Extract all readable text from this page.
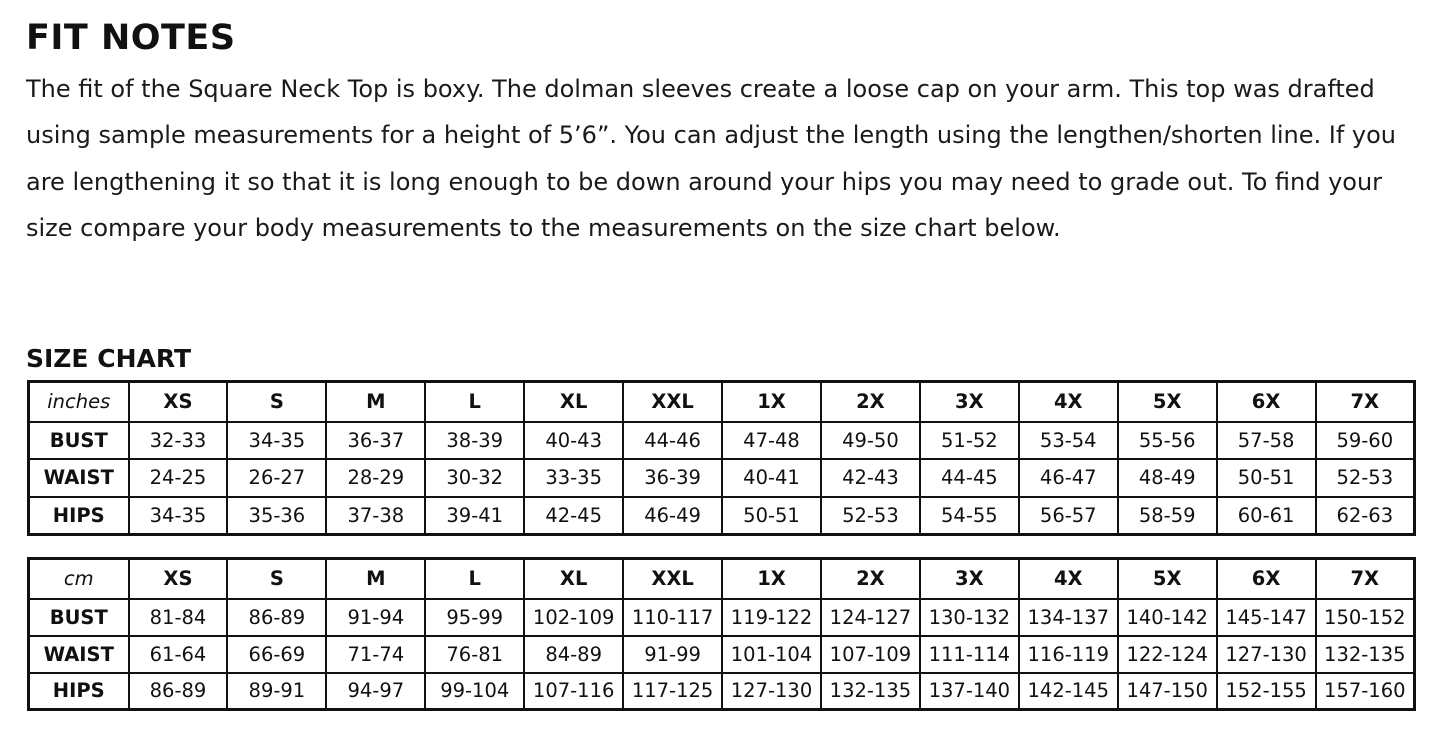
FIT NOTES

The fit of the Square Neck Top is boxy. The dolman sleeves create a loose cap on your arm. This top was drafted using sample measurements for a height of 5’6”. You can adjust the length using the lengthen/shorten line. If you are lengthening it so that it is long enough to be down around your hips you may need to grade out. To find your size compare your body measurements to the measurements on the size chart below.

SIZE CHART
inches	XS	S	M	L	XL	XXL	1X	2X	3X	4X	5X	6X	7X
BUST	32-33	34-35	36-37	38-39	40-43	44-46	47-48	49-50	51-52	53-54	55-56	57-58	59-60
WAIST	24-25	26-27	28-29	30-32	33-35	36-39	40-41	42-43	44-45	46-47	48-49	50-51	52-53
HIPS	34-35	35-36	37-38	39-41	42-45	46-49	50-51	52-53	54-55	56-57	58-59	60-61	62-63
cm	XS	S	M	L	XL	XXL	1X	2X	3X	4X	5X	6X	7X
BUST	81-84	86-89	91-94	95-99	102-109	110-117	119-122	124-127	130-132	134-137	140-142	145-147	150-152
WAIST	61-64	66-69	71-74	76-81	84-89	91-99	101-104	107-109	111-114	116-119	122-124	127-130	132-135
HIPS	86-89	89-91	94-97	99-104	107-116	117-125	127-130	132-135	137-140	142-145	147-150	152-155	157-160
